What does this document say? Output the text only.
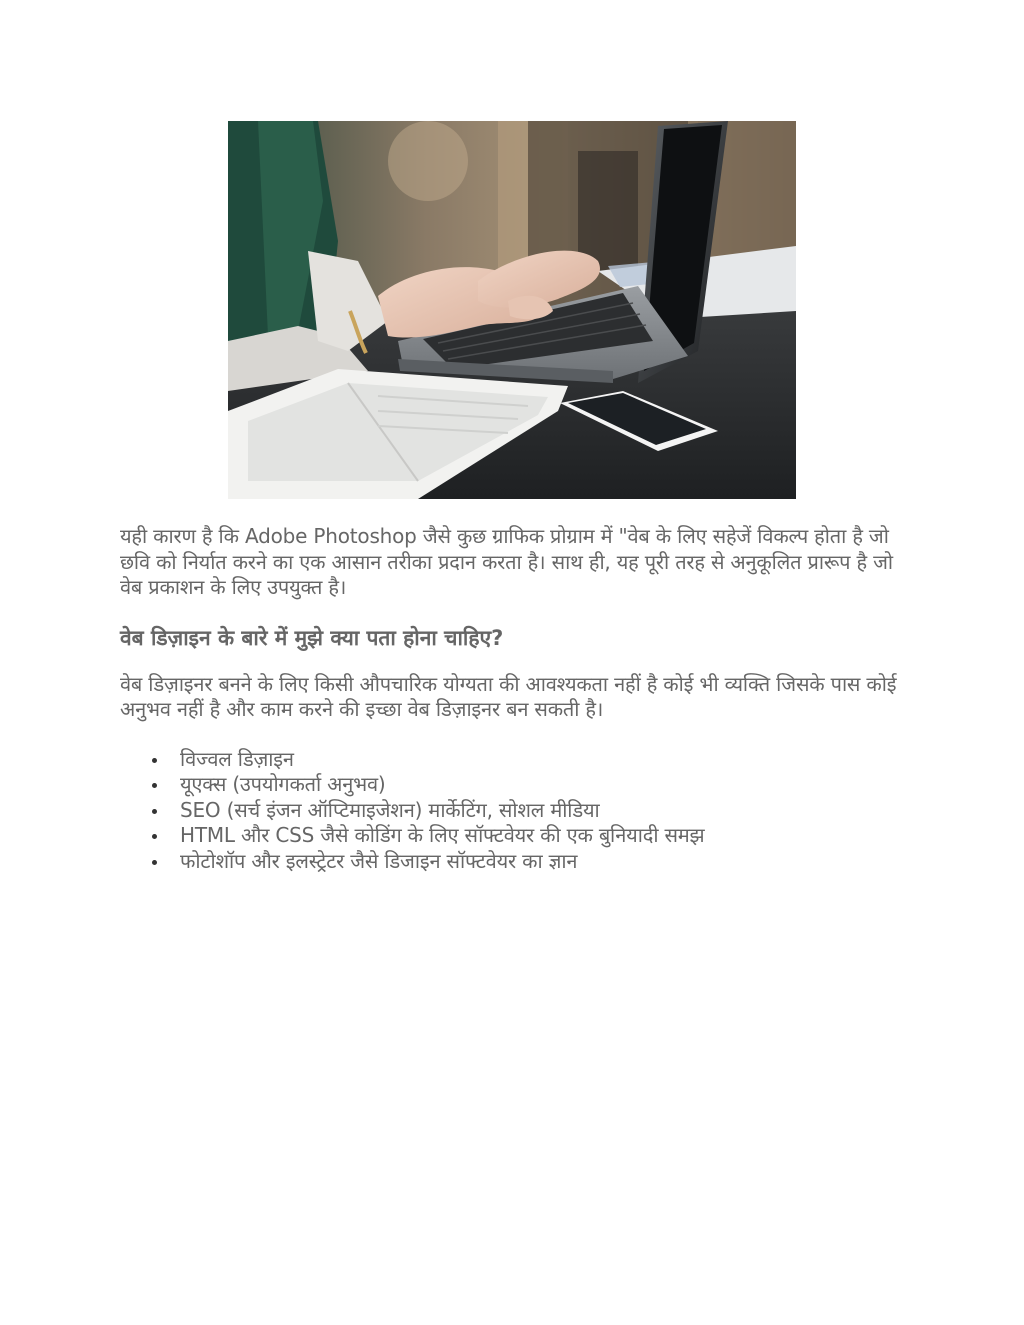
यही कारण है कि Adobe Photoshop जैसे कुछ ग्राफिक प्रोग्राम में "वेब के लिए सहेजें विकल्प होता है जो छवि को निर्यात करने का एक आसान तरीका प्रदान करता है। साथ ही, यह पूरी तरह से अनुकूलित प्रारूप है जो वेब प्रकाशन के लिए उपयुक्त है।

वेब डिज़ाइन के बारे में मुझे क्या पता होना चाहिए?

वेब डिज़ाइनर बनने के लिए किसी औपचारिक योग्यता की आवश्यकता नहीं है कोई भी व्यक्ति जिसके पास कोई अनुभव नहीं है और काम करने की इच्छा वेब डिज़ाइनर बन सकती है।

विज्वल डिज़ाइन
यूएक्स (उपयोगकर्ता अनुभव)
SEO (सर्च इंजन ऑप्टिमाइजेशन) मार्केटिंग, सोशल मीडिया
HTML और CSS जैसे कोडिंग के लिए सॉफ्टवेयर की एक बुनियादी समझ
फोटोशॉप और इलस्ट्रेटर जैसे डिजाइन सॉफ्टवेयर का ज्ञान
